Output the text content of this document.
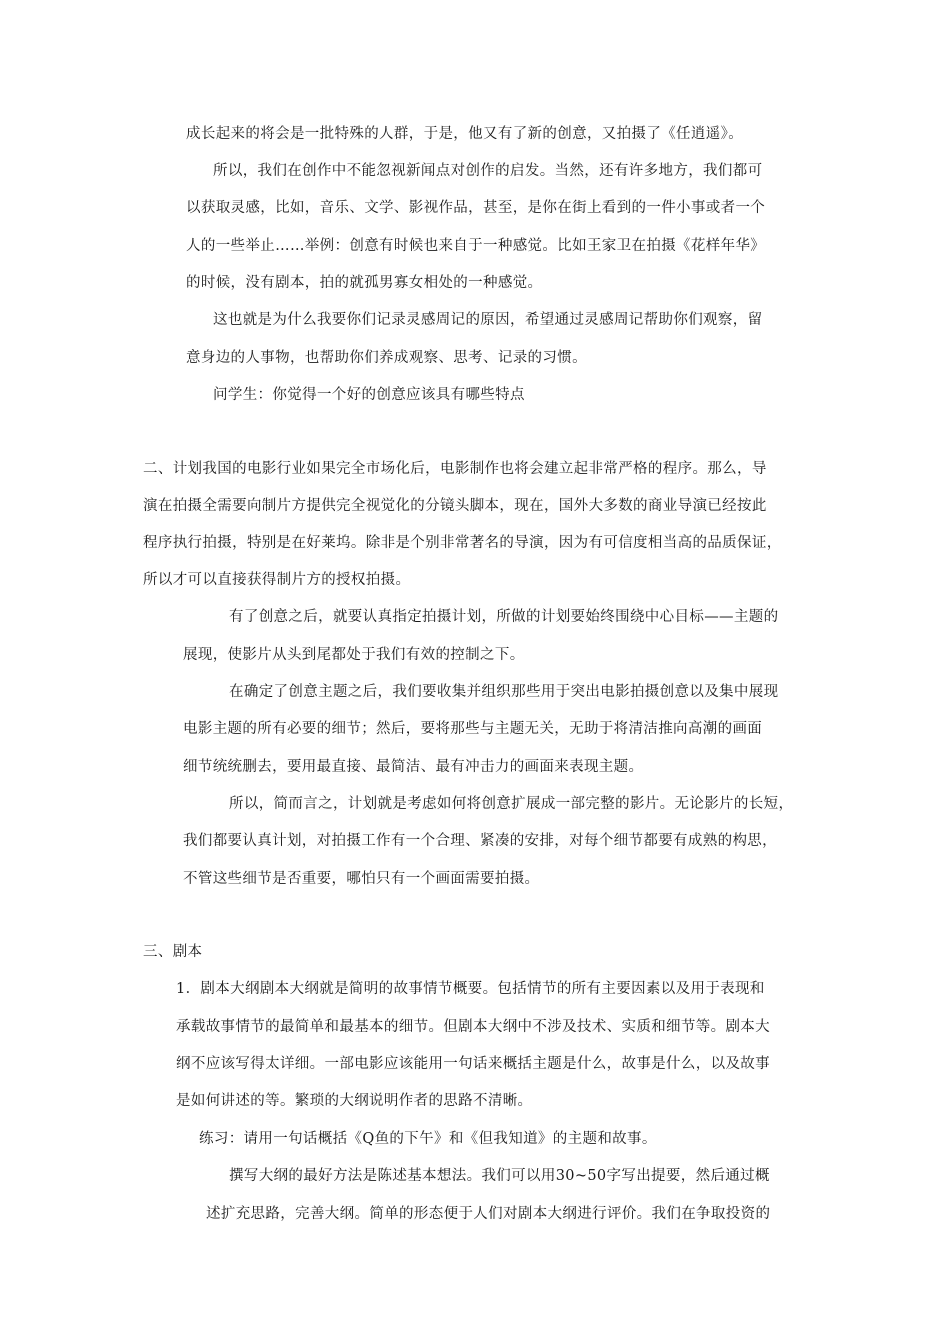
成长起来的将会是一批特殊的人群，于是，他又有了新的创意，又拍摄了《任逍遥》。
所以，我们在创作中不能忽视新闻点对创作的启发。当然，还有许多地方，我们都可
以获取灵感，比如，音乐、文学、影视作品，甚至，是你在街上看到的一件小事或者一个
人的一些举止……举例：创意有时候也来自于一种感觉。比如王家卫在拍摄《花样年华》
的时候，没有剧本，拍的就孤男寡女相处的一种感觉。
这也就是为什么我要你们记录灵感周记的原因，希望通过灵感周记帮助你们观察，留
意身边的人事物，也帮助你们养成观察、思考、记录的习惯。
问学生：你觉得一个好的创意应该具有哪些特点
二、计划我国的电影行业如果完全市场化后，电影制作也将会建立起非常严格的程序。那么，导
演在拍摄全需要向制片方提供完全视觉化的分镜头脚本，现在，国外大多数的商业导演已经按此
程序执行拍摄，特别是在好莱坞。除非是个别非常著名的导演，因为有可信度相当高的品质保证，
所以才可以直接获得制片方的授权拍摄。
有了创意之后，就要认真指定拍摄计划，所做的计划要始终围绕中心目标——主题的
展现，使影片从头到尾都处于我们有效的控制之下。
在确定了创意主题之后，我们要收集并组织那些用于突出电影拍摄创意以及集中展现
电影主题的所有必要的细节；然后，要将那些与主题无关，无助于将清洁推向高潮的画面
细节统统删去，要用最直接、最简洁、最有冲击力的画面来表现主题。
所以，简而言之，计划就是考虑如何将创意扩展成一部完整的影片。无论影片的长短，
我们都要认真计划，对拍摄工作有一个合理、紧凑的安排，对每个细节都要有成熟的构思，
不管这些细节是否重要，哪怕只有一个画面需要拍摄。
三、剧本
1．剧本大纲剧本大纲就是简明的故事情节概要。包括情节的所有主要因素以及用于表现和
承载故事情节的最简单和最基本的细节。但剧本大纲中不涉及技术、实质和细节等。剧本大
纲不应该写得太详细。一部电影应该能用一句话来概括主题是什么，故事是什么，以及故事
是如何讲述的等。繁琐的大纲说明作者的思路不清晰。
练习：请用一句话概括《Q鱼的下午》和《但我知道》的主题和故事。
撰写大纲的最好方法是陈述基本想法。我们可以用30~50字写出提要，然后通过概
述扩充思路，完善大纲。简单的形态便于人们对剧本大纲进行评价。我们在争取投资的
